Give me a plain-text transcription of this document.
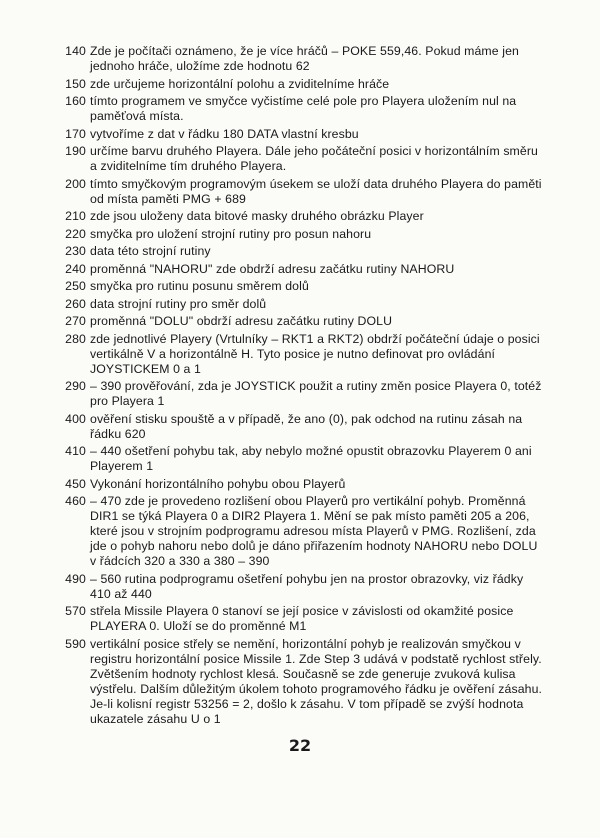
140 Zde je počítači oznámeno, že je více hráčů – POKE 559,46. Pokud máme jen jednoho hráče, uložíme zde hodnotu 62
150 zde určujeme horizontální polohu a zviditelníme hráče
160 tímto programem ve smyčce vyčistíme celé pole pro Playera uložením nul na paměťová místa.
170 vytvoříme z dat v řádku 180 DATA vlastní kresbu
190 určíme barvu druhého Playera. Dále jeho počáteční posici v horizontálním směru a zviditelníme tím druhého Playera.
200 tímto smyčkovým programovým úsekem se uloží data druhého Playera do paměti od místa paměti PMG + 689
210 zde jsou uloženy data bitové masky druhého obrázku Player
220 smyčka pro uložení strojní rutiny pro posun nahoru
230 data této strojní rutiny
240 proměnná "NAHORU" zde obdrží adresu začátku rutiny NAHORU
250 smyčka pro rutinu posunu směrem dolů
260 data strojní rutiny pro směr dolů
270 proměnná "DOLU" obdrží adresu začátku rutiny DOLU
280 zde jednotlivé Playery (Vrtulníky – RKT1 a RKT2) obdrží počáteční údaje o posici vertikálně V a horizontálně H. Tyto posice je nutno definovat pro ovládání JOYSTICKEM 0 a 1
290 – 390 prověřování, zda je JOYSTICK použit a rutiny změn posice Playera 0, totéž pro Playera 1
400 ověření stisku spouště a v případě, že ano (0), pak odchod na rutinu zásah na řádku 620
410 – 440 ošetření pohybu tak, aby nebylo možné opustit obrazovku Playerem 0 ani Playerem 1
450 Vykonání horizontálního pohybu obou Playerů
460 – 470 zde je provedeno rozlišení obou Playerů pro vertikální pohyb. Proměnná DIR1 se týká Playera 0 a DIR2 Playera 1. Mění se pak místo paměti 205 a 206, které jsou v strojním podprogramu adresou místa Playerů v PMG. Rozlišení, zda jde o pohyb nahoru nebo dolů je dáno přiřazením hodnoty NAHORU nebo DOLU v řádcích 320 a 330 a 380 – 390
490 – 560 rutina podprogramu ošetření pohybu jen na prostor obrazovky, viz řádky 410 až 440
570 střela Missile Playera 0 stanoví se její posice v závislosti od okamžité posice PLAYERA 0. Uloží se do proměnné M1
590 vertikální posice střely se nemění, horizontální pohyb je realizován smyčkou v registru horizontální posice Missile 1. Zde Step 3 udává v podstatě rychlost střely. Zvětšením hodnoty rychlost klesá. Současně se zde generuje zvuková kulisa výstřelu. Dalším důležitým úkolem tohoto programového řádku je ověření zásahu. Je-li kolisní registr 53256 = 2, došlo k zásahu. V tom případě se zvýší hodnota ukazatele zásahu U o 1
22
